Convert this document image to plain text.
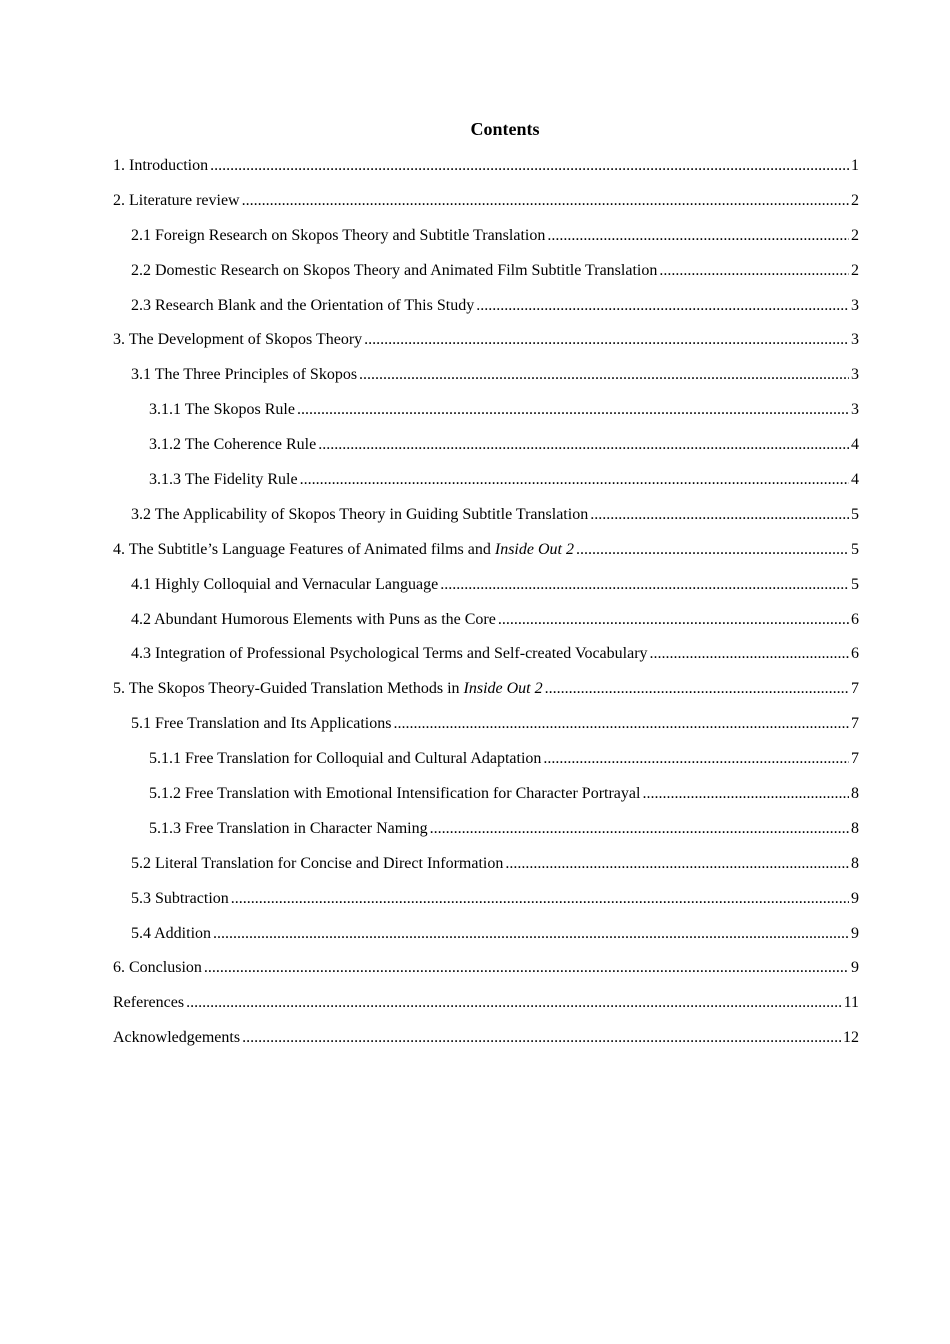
Contents
1. Introduction .....	1
2. Literature review .....	2
2.1 Foreign Research on Skopos Theory and Subtitle Translation .....	2
2.2 Domestic Research on Skopos Theory and Animated Film Subtitle Translation .....	2
2.3 Research Blank and the Orientation of This Study .....	3
3. The Development of Skopos Theory .....	3
3.1 The Three Principles of Skopos .....	3
3.1.1 The Skopos Rule .....	3
3.1.2 The Coherence Rule .....	4
3.1.3 The Fidelity Rule .....	4
3.2 The Applicability of Skopos Theory in Guiding Subtitle Translation .....	5
4. The Subtitle’s Language Features of Animated films and Inside Out 2 .....	5
4.1 Highly Colloquial and Vernacular Language .....	5
4.2 Abundant Humorous Elements with Puns as the Core .....	6
4.3 Integration of Professional Psychological Terms and Self-created Vocabulary .....	6
5. The Skopos Theory-Guided Translation Methods in Inside Out 2 .....	7
5.1 Free Translation and Its Applications .....	7
5.1.1 Free Translation for Colloquial and Cultural Adaptation .....	7
5.1.2 Free Translation with Emotional Intensification for Character Portrayal .....	8
5.1.3 Free Translation in Character Naming .....	8
5.2 Literal Translation for Concise and Direct Information .....	8
5.3 Subtraction .....	9
5.4 Addition .....	9
6. Conclusion .....	9
References .....	11
Acknowledgements .....	12
